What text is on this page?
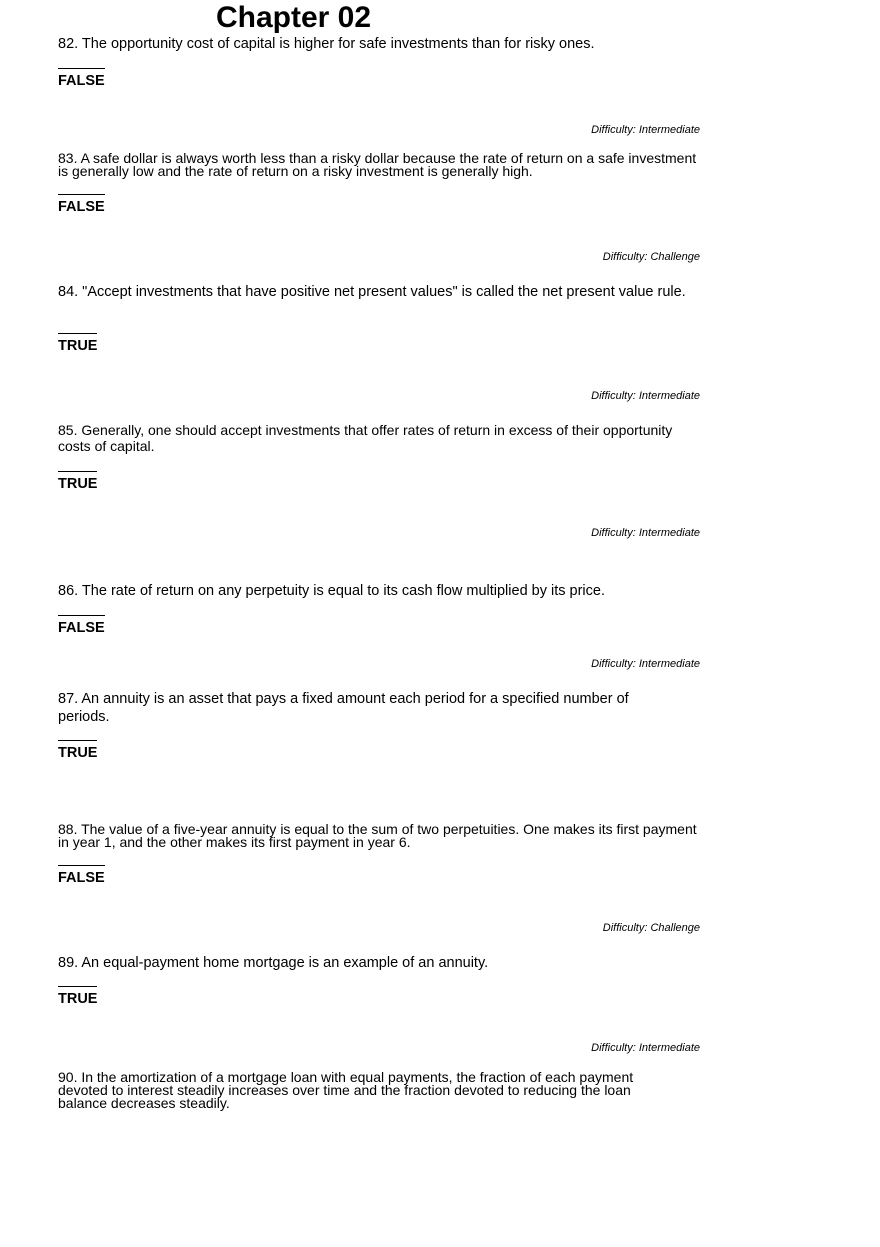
Chapter 02

82. The opportunity cost of capital is higher for safe investments than for risky ones.

FALSE
Difficulty: Intermediate

83. A safe dollar is always worth less than a risky dollar because the rate of return on a safe investment is generally low and the rate of return on a risky investment is generally high.

FALSE
Difficulty: Challenge

84. "Accept investments that have positive net present values" is called the net present value rule.

TRUE
Difficulty: Intermediate

85. Generally, one should accept investments that offer rates of return in excess of their opportunity costs of capital.

TRUE
Difficulty: Intermediate

86. The rate of return on any perpetuity is equal to its cash flow multiplied by its price.

FALSE
Difficulty: Intermediate

87. An annuity is an asset that pays a fixed amount each period for a specified number of periods.

TRUE

88. The value of a five-year annuity is equal to the sum of two perpetuities. One makes its first payment in year 1, and the other makes its first payment in year 6.

FALSE
Difficulty: Challenge

89. An equal-payment home mortgage is an example of an annuity.

TRUE
Difficulty: Intermediate

90. In the amortization of a mortgage loan with equal payments, the fraction of each payment devoted to interest steadily increases over time and the fraction devoted to reducing the loan balance decreases steadily.
